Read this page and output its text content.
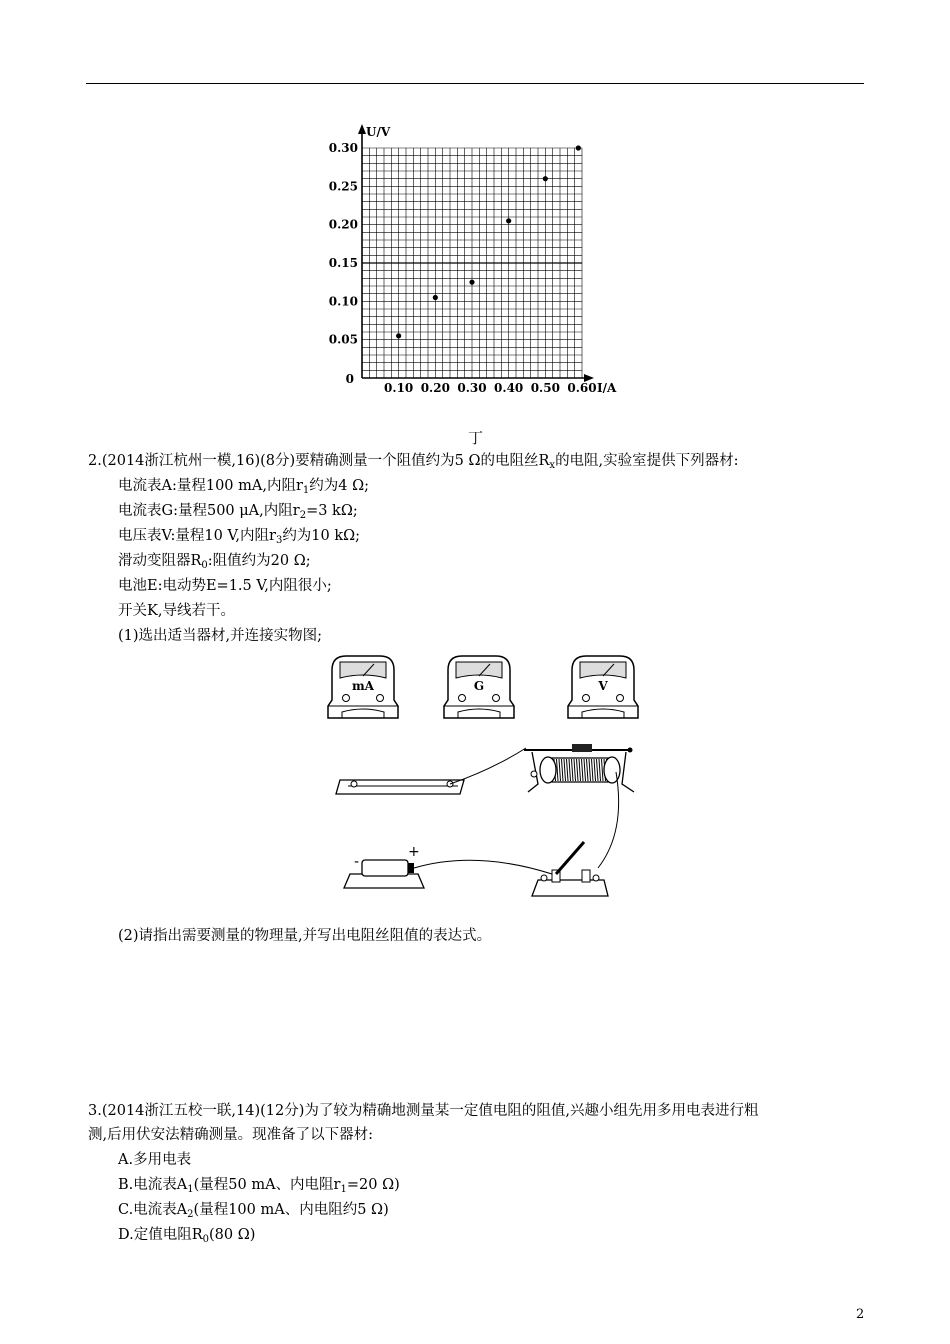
U/V
I/A
0
0.05
0.10
0.15
0.20
0.25
0.30
0.10 0.20 0.30 0.40 0.50 0.60
丁
2.(2014浙江杭州一模,16)(8分)要精确测量一个阻值约为5 Ω的电阻丝$R_x$的电阻,实验室提供下列器材:
电流表A:量程100 mA,内阻$r_1$约为4 Ω;
电流表G:量程500 μA,内阻$r_2=3$ kΩ;
电压表V:量程10 V,内阻$r_3$约为10 kΩ;
滑动变阻器$R_0$:阻值约为20 Ω;
电池E:电动势E=1.5 V,内阻很小;
开关K,导线若干。
(1)选出适当器材,并连接实物图;
mA	G	V
-
+
(2)请指出需要测量的物理量,并写出电阻丝阻值的表达式。
3.(2014浙江五校一联,14)(12分)为了较为精确地测量某一定值电阻的阻值,兴趣小组先用多用电表进行粗
测,后用伏安法精确测量。现准备了以下器材:
A.多用电表
B.电流表$A_1$(量程50 mA、内电阻$r_1=20$ Ω)
C.电流表$A_2$(量程100 mA、内电阻约5 Ω)
D.定值电阻$R_0(80$ Ω)
2
